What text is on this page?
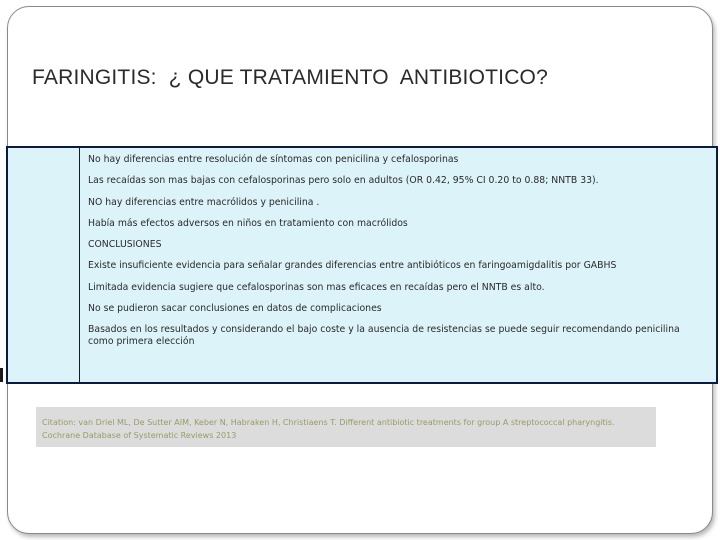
FARINGITIS:  ¿ QUE TRATAMIENTO  ANTIBIOTICO?
No hay diferencias entre resolución de síntomas con penicilina y cefalosporinas
Las recaídas son mas bajas con cefalosporinas pero solo en adultos (OR 0.42, 95% CI 0.20 to 0.88; NNTB 33).
NO hay diferencias entre macrólidos y penicilina .
Había más efectos adversos en niños en tratamiento con macrólidos
CONCLUSIONES
Existe insuficiente evidencia para señalar grandes diferencias entre antibióticos en faringoamigdalitis por GABHS
Limitada evidencia sugiere que cefalosporinas son mas eficaces en recaídas pero el NNTB es alto.
No se pudieron sacar conclusiones en datos de complicaciones
Basados en los resultados y considerando el bajo coste y la ausencia de resistencias se puede seguir recomendando penicilina como primera elección
Citation: van Driel ML, De Sutter AIM, Keber N, Habraken H, Christiaens T. Different antibiotic treatments for group A streptococcal pharyngitis. Cochrane Database of Systematic Reviews 2013
